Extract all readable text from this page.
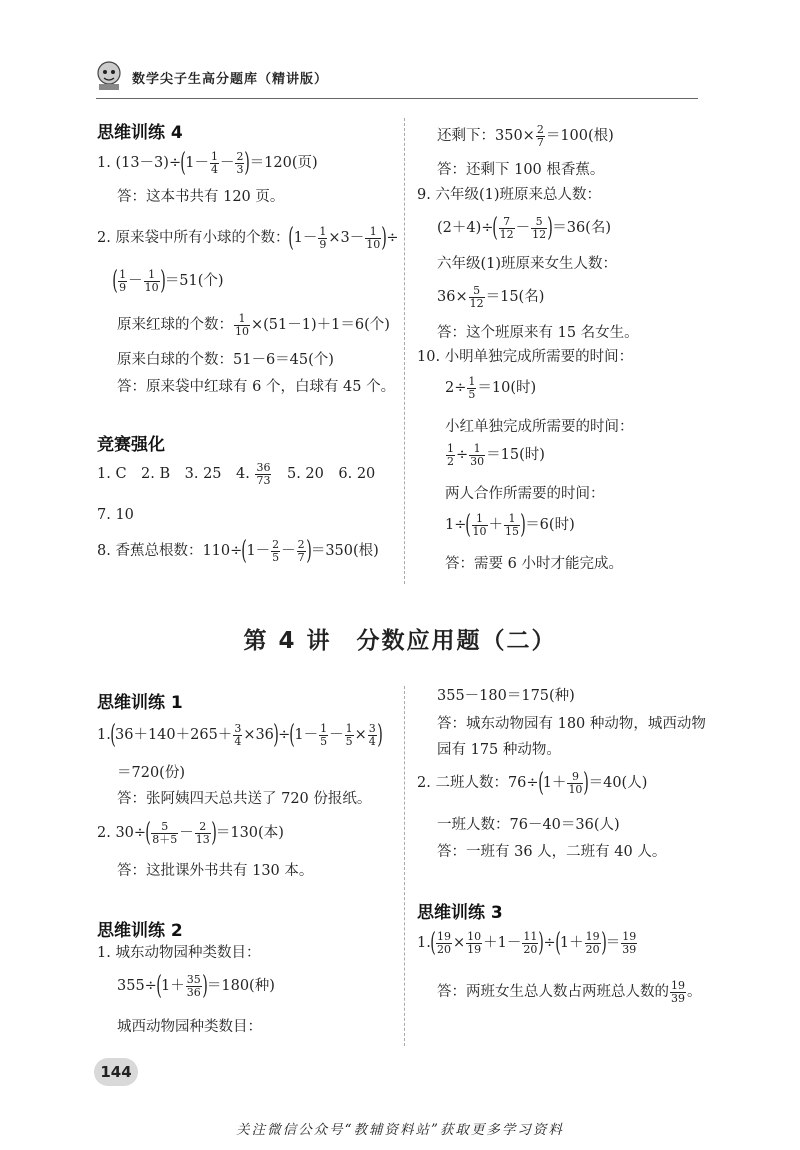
数学尖子生高分题库（精讲版）
思维训练 4
1. $(13-3)\div(1- \frac{1}{4} - \frac{2}{3} )=120$(页)
答：这本书共有 120 页。
2. 原来袋中所有小球的个数：($1- \frac{1}{9} \times 3- \frac{1}{10}$ )÷
( $\frac{1}{9} - \frac{1}{10} )=51$(个)
原来红球的个数： $\frac{1}{10} \times(51-1)+1=6$(个)
原来白球的个数：51－6＝45(个)
答：原来袋中红球有 6 个，白球有 45 个。
竞赛强化
1. C　2. B　3. 25　4. $\frac{36}{73}$
　 5. 20　6. 20
7. 10
8. 香蕉总根数：$110\div(1- \frac{2}{5} - \frac{2}{7} )=350$(根)
还剩下：$350\times \frac{2}{7} =100$(根)
答：还剩下 100 根香蕉。
9. 六年级(1)班原来总人数：
$(2+4)\div( \frac{7}{12} - \frac{5}{12} )=36$(名)
六年级(1)班原来女生人数：
$36\times \frac{5}{12} =15$(名)
答：这个班原来有 15 名女生。
10. 小明单独完成所需要的时间：
$2\div \frac{1}{5} =10$(时)
小红单独完成所需要的时间：
$\frac{1}{2} \div \frac{1}{30} =15$(时)
两人合作所需要的时间：
$1\div( \frac{1}{10} + \frac{1}{15} )=6$(时)
答：需要 6 小时才能完成。
第 4 讲　分数应用题（二）
思维训练 1
$1.(36+140+265+ \frac{3}{4} \times 36)\div(1- \frac{1}{5} - \frac{1}{5} \times \frac{3}{4}$ )
＝720(份)
答：张阿姨四天总共送了 720 份报纸。
2. $30\div( \frac{5}{8+5} - \frac{2}{13} )=130$(本)
答：这批课外书共有 130 本。
思维训练 2
1. 城东动物园种类数目：
$355\div(1+ \frac{35}{36} )=180$(种)
城西动物园种类数目：
355－180＝175(种)
答：城东动物园有 180 种动物，城西动物
园有 175 种动物。
2. 二班人数：$76\div(1+ \frac{9}{10} )=40$(人)
一班人数：76－40＝36(人)
答：一班有 36 人，二班有 40 人。
思维训练 3
$1.( \frac{19}{20} \times \frac{10}{19} +1- \frac{11}{20} )\div(1+ \frac{19}{20}$ )＝ $\frac{19}{39}$
答：两班女生总人数占两班总人数的 $\frac{19}{39}$ 。
144
关注微信公众号“教辅资料站”获取更多学习资料
